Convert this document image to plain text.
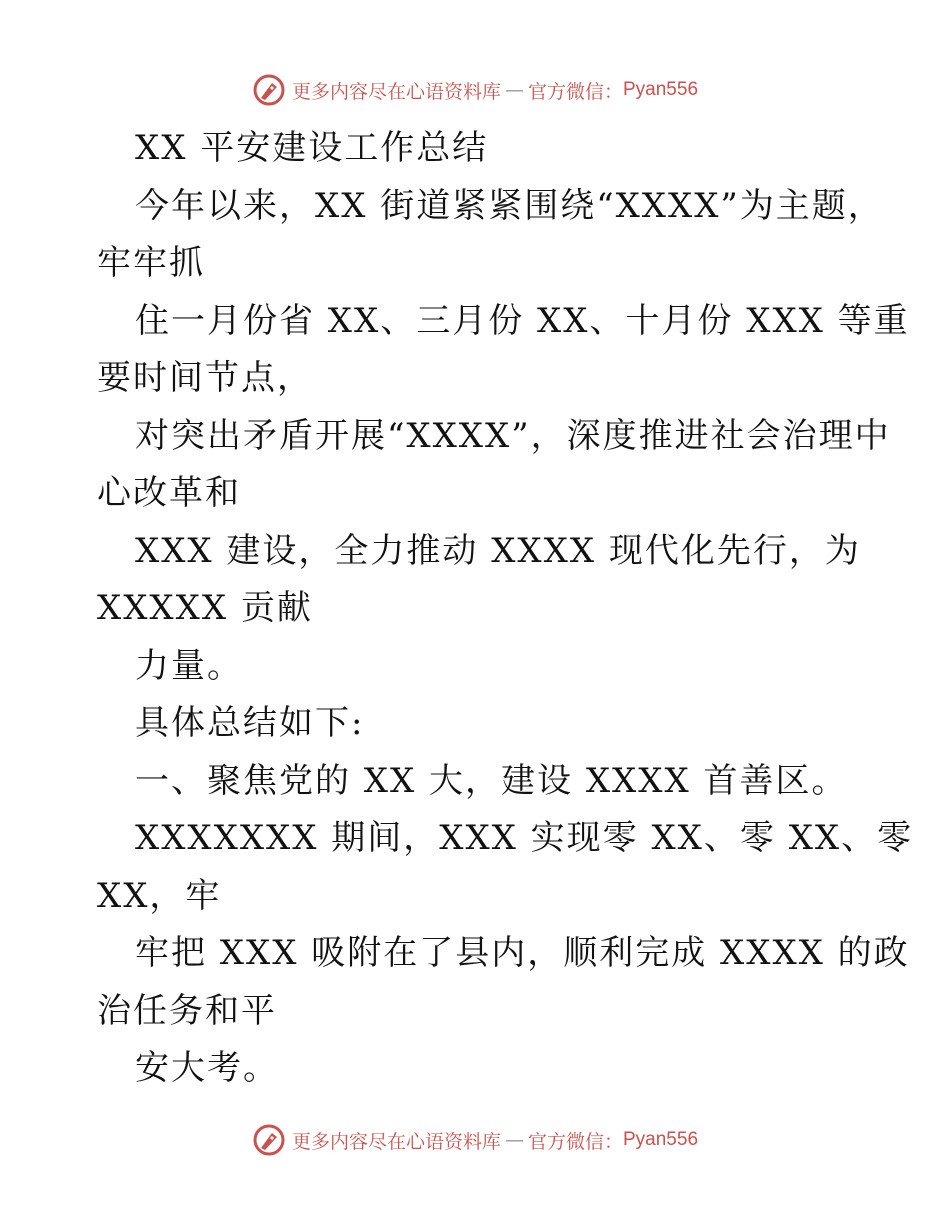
更多内容尽在心语资料库 — 官方微信： Pyan556
XX 平安建设工作总结
今年以来，XX 街道紧紧围绕“XXXX”为主题，
牢牢抓
住一月份省 XX、三月份 XX、十月份 XXX 等重
要时间节点，
对突出矛盾开展“XXXX”，深度推进社会治理中
心改革和
XXX 建设，全力推动 XXXX 现代化先行，为
XXXXX 贡献
力量。
具体总结如下:
一、聚焦党的 XX 大，建设 XXXX 首善区。
XXXXXXX 期间，XXX 实现零 XX、零 XX、零
XX，牢
牢把 XXX 吸附在了县内，顺利完成 XXXX 的政
治任务和平
安大考。
更多内容尽在心语资料库 — 官方微信： Pyan556
